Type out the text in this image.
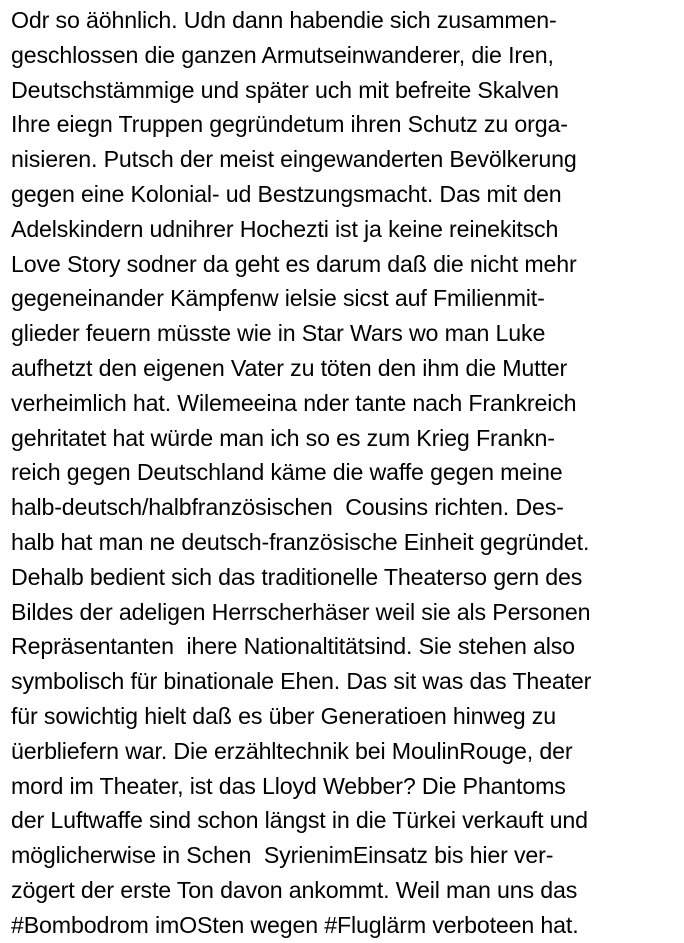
Odr so äöhnlich. Udn dann habendie sich zusammen-
geschlossen die ganzen Armutseinwanderer, die Iren,
Deutschstämmige und später uch mit befreite Skalven
Ihre eiegn Truppen gegründetum ihren Schutz zu orga-
nisieren. Putsch der meist eingewanderten Bevölkerung
gegen eine Kolonial- ud Bestzungsmacht. Das mit den
Adelskindern udnihrer Hochezti ist ja keine reinekitsch
Love Story sodner da geht es darum daß die nicht mehr
gegeneinander Kämpfenw ielsie sicst auf Fmilienmit-
glieder feuern müsste wie in Star Wars wo man Luke
aufhetzt den eigenen Vater zu töten den ihm die Mutter
verheimlich hat. Wilemeeina nder tante nach Frankreich
gehritatet hat würde man ich so es zum Krieg Frankn-
reich gegen Deutschland käme die waffe gegen meine
halb-deutsch/halbfranzösischen  Cousins richten. Des-
halb hat man ne deutsch-französische Einheit gegründet.
Dehalb bedient sich das traditionelle Theaterso gern des
Bildes der adeligen Herrscherhäser weil sie als Personen
Repräsentanten  ihere Nationaltitätsind. Sie stehen also
symbolisch für binationale Ehen. Das sit was das Theater
für sowichtig hielt daß es über Generatioen hinweg zu
üerbliefern war. Die erzähltechnik bei MoulinRouge, der
mord im Theater, ist das Lloyd Webber? Die Phantoms
der Luftwaffe sind schon längst in die Türkei verkauft und
möglicherwise in Schen  SyrienimEinsatz bis hier ver-
zögert der erste Ton davon ankommt. Weil man uns das
#Bombodrom imOSten wegen #Fluglärm verboteen hat.
